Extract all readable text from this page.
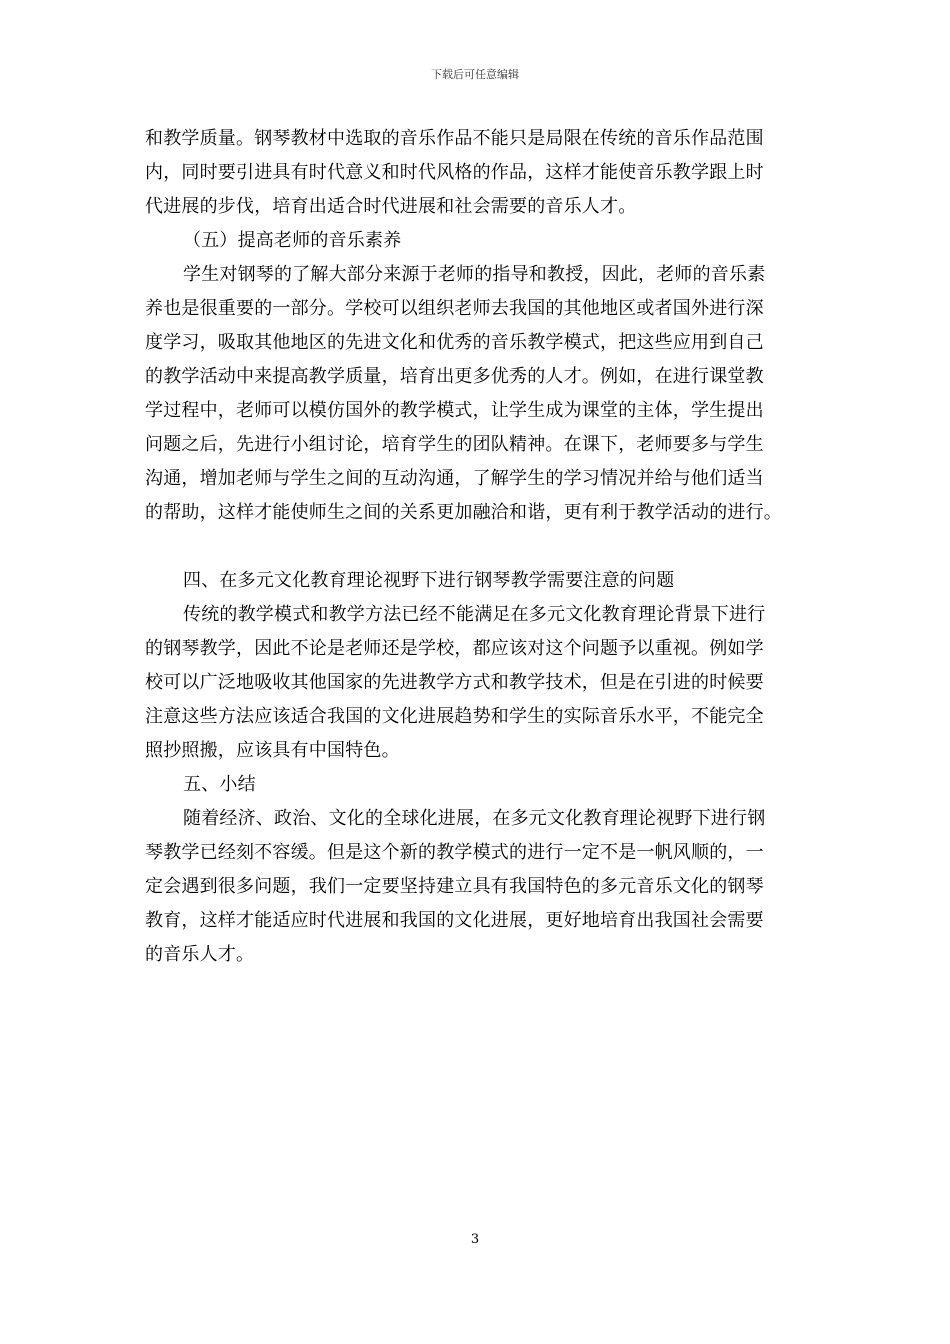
下载后可任意编辑
和教学质量。钢琴教材中选取的音乐作品不能只是局限在传统的音乐作品范围
内，同时要引进具有时代意义和时代风格的作品，这样才能使音乐教学跟上时
代进展的步伐，培育出适合时代进展和社会需要的音乐人才。
（五）提高老师的音乐素养
学生对钢琴的了解大部分来源于老师的指导和教授，因此，老师的音乐素
养也是很重要的一部分。学校可以组织老师去我国的其他地区或者国外进行深
度学习，吸取其他地区的先进文化和优秀的音乐教学模式，把这些应用到自己
的教学活动中来提高教学质量，培育出更多优秀的人才。例如，在进行课堂教
学过程中，老师可以模仿国外的教学模式，让学生成为课堂的主体，学生提出
问题之后，先进行小组讨论，培育学生的团队精神。在课下，老师要多与学生
沟通，增加老师与学生之间的互动沟通，了解学生的学习情况并给与他们适当
的帮助，这样才能使师生之间的关系更加融洽和谐，更有利于教学活动的进行。
四、在多元文化教育理论视野下进行钢琴教学需要注意的问题
传统的教学模式和教学方法已经不能满足在多元文化教育理论背景下进行
的钢琴教学，因此不论是老师还是学校，都应该对这个问题予以重视。例如学
校可以广泛地吸收其他国家的先进教学方式和教学技术，但是在引进的时候要
注意这些方法应该适合我国的文化进展趋势和学生的实际音乐水平，不能完全
照抄照搬，应该具有中国特色。
五、小结
随着经济、政治、文化的全球化进展，在多元文化教育理论视野下进行钢
琴教学已经刻不容缓。但是这个新的教学模式的进行一定不是一帆风顺的，一
定会遇到很多问题，我们一定要坚持建立具有我国特色的多元音乐文化的钢琴
教育，这样才能适应时代进展和我国的文化进展，更好地培育出我国社会需要
的音乐人才。
3
